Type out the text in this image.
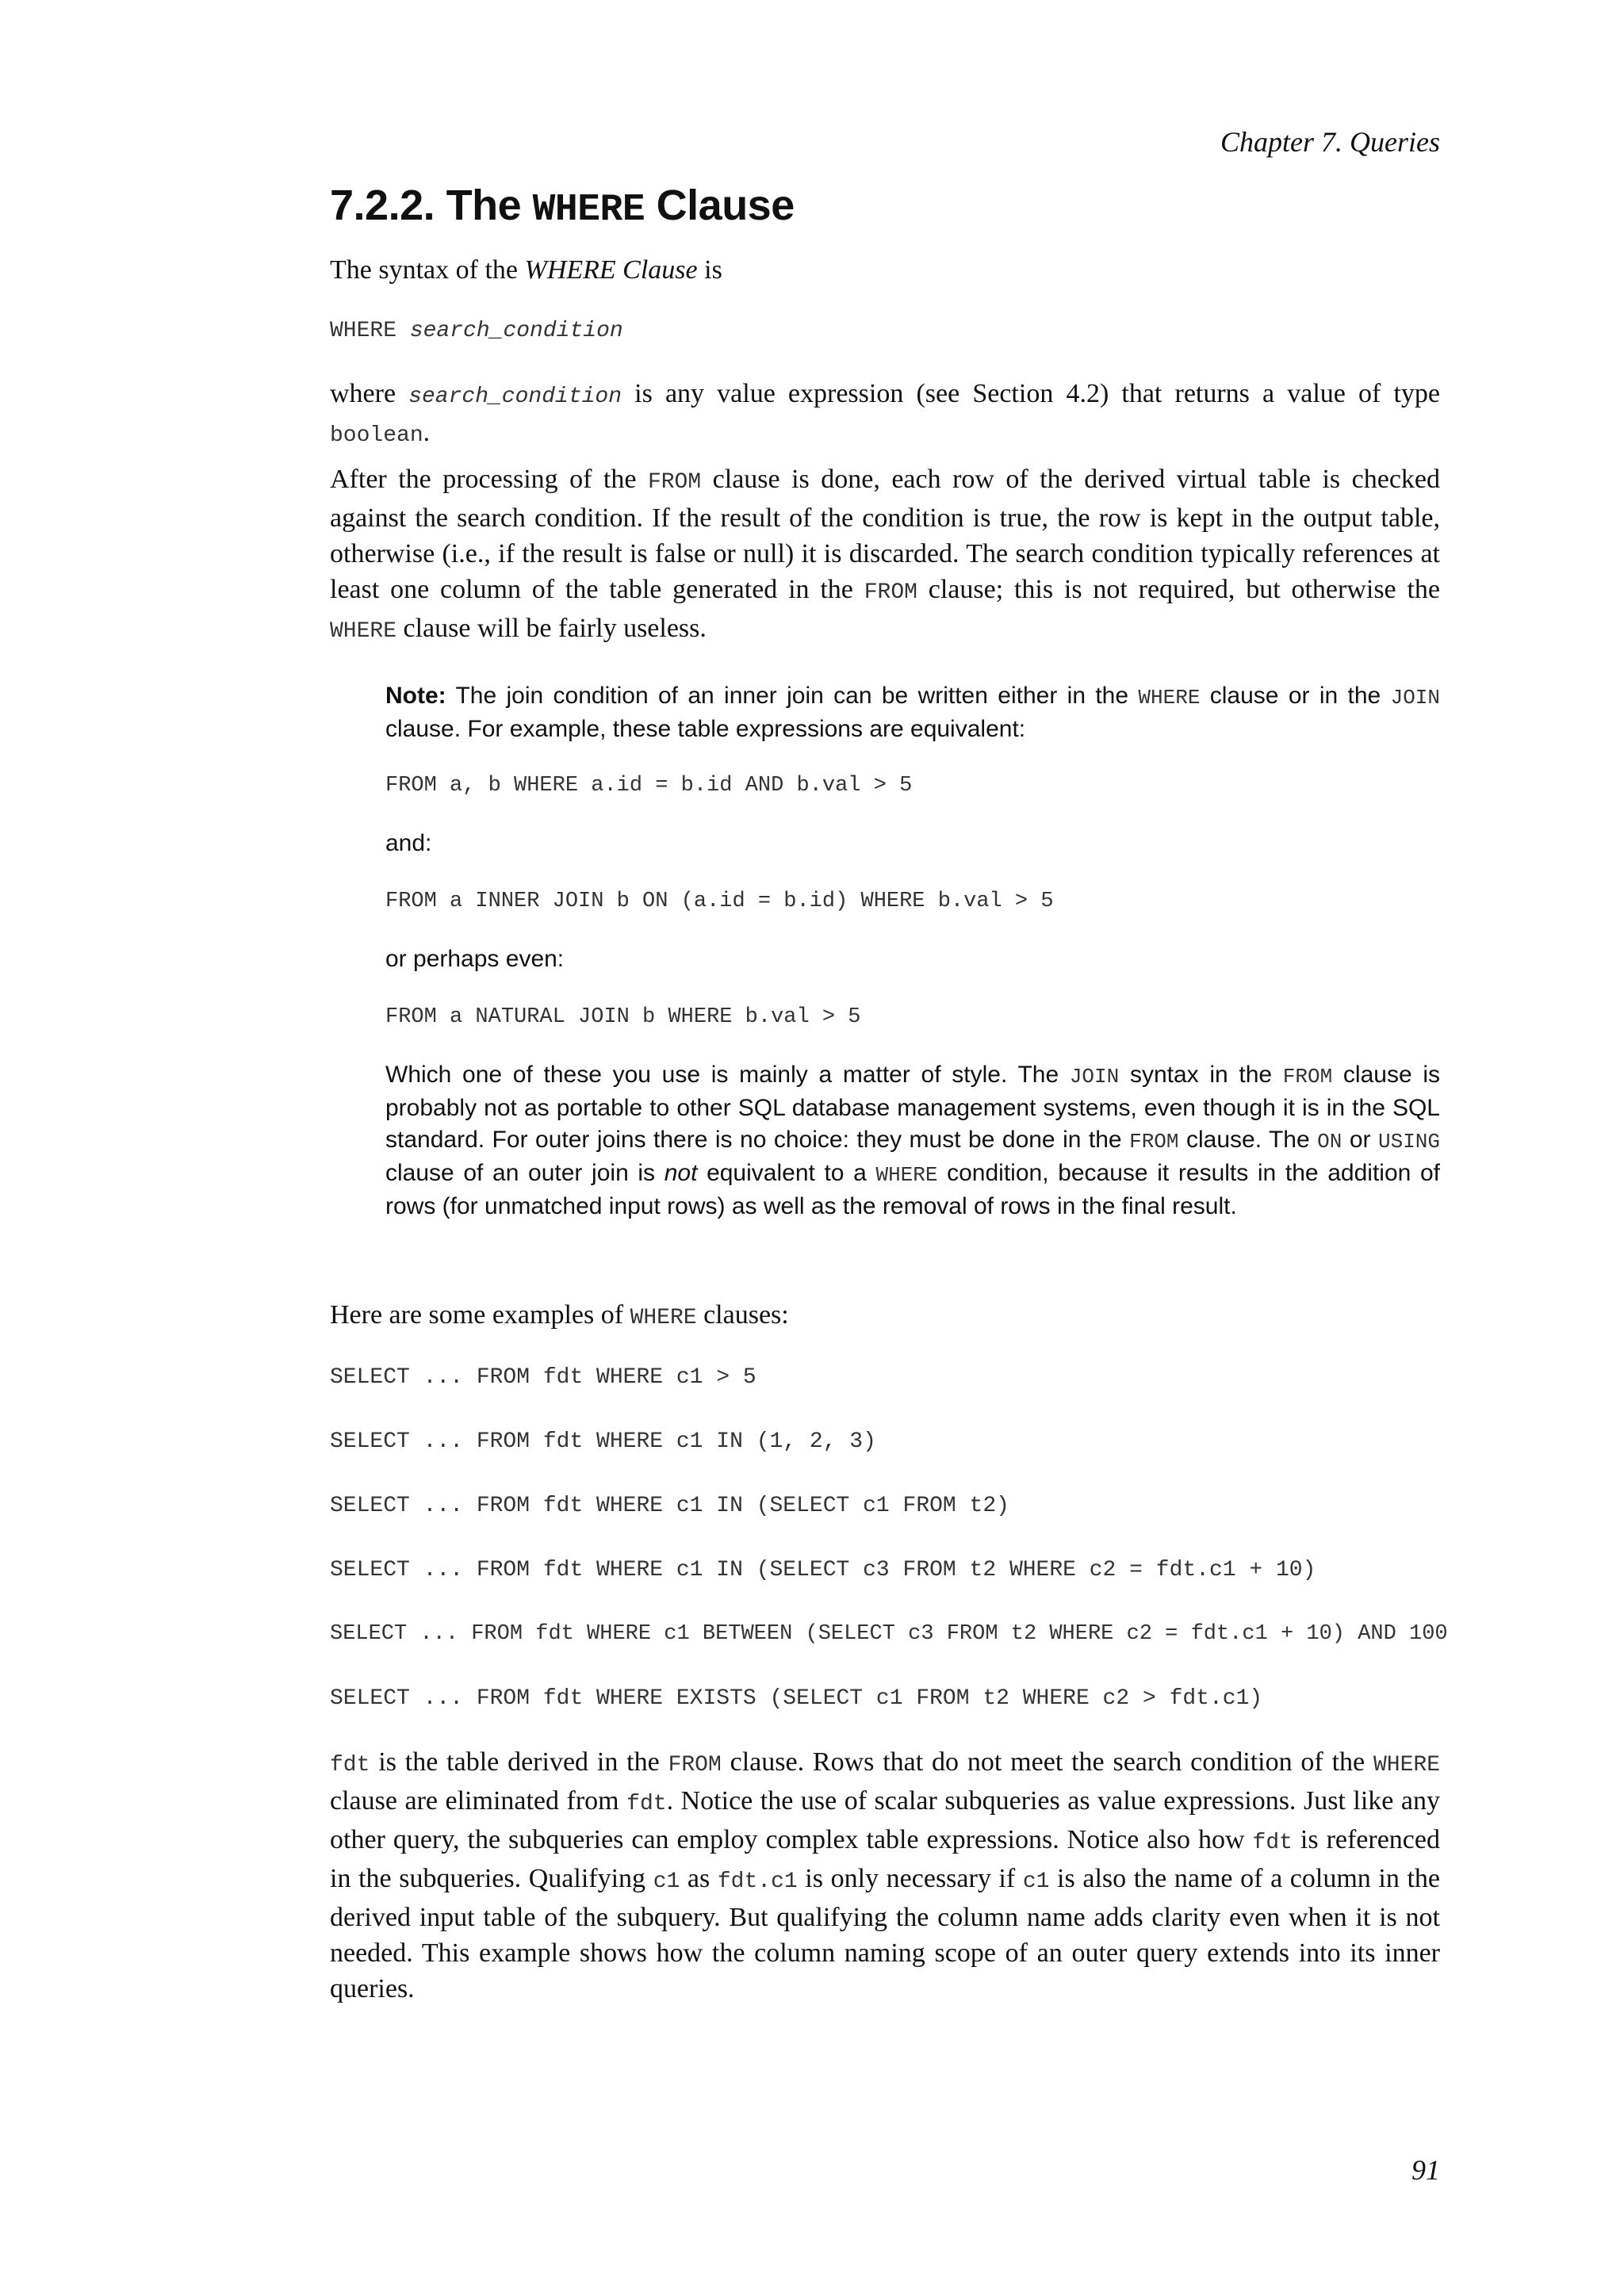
Chapter 7. Queries
7.2.2. The WHERE Clause

The syntax of the WHERE Clause is

WHERE search_condition

where search_condition is any value expression (see Section 4.2) that returns a value of type boolean.

After the processing of the FROM clause is done, each row of the derived virtual table is checked against the search condition. If the result of the condition is true, the row is kept in the output table, otherwise (i.e., if the result is false or null) it is discarded. The search condition typically references at least one column of the table generated in the FROM clause; this is not required, but otherwise the WHERE clause will be fairly useless.

Note: The join condition of an inner join can be written either in the WHERE clause or in the JOIN clause. For example, these table expressions are equivalent:

FROM a, b WHERE a.id = b.id AND b.val > 5

and:

FROM a INNER JOIN b ON (a.id = b.id) WHERE b.val > 5

or perhaps even:

FROM a NATURAL JOIN b WHERE b.val > 5

Which one of these you use is mainly a matter of style. The JOIN syntax in the FROM clause is probably not as portable to other SQL database management systems, even though it is in the SQL standard. For outer joins there is no choice: they must be done in the FROM clause. The ON or USING clause of an outer join is not equivalent to a WHERE condition, because it results in the addition of rows (for unmatched input rows) as well as the removal of rows in the final result.

Here are some examples of WHERE clauses:

SELECT ... FROM fdt WHERE c1 > 5
SELECT ... FROM fdt WHERE c1 IN (1, 2, 3)
SELECT ... FROM fdt WHERE c1 IN (SELECT c1 FROM t2)
SELECT ... FROM fdt WHERE c1 IN (SELECT c3 FROM t2 WHERE c2 = fdt.c1 + 10)
SELECT ... FROM fdt WHERE c1 BETWEEN (SELECT c3 FROM t2 WHERE c2 = fdt.c1 + 10) AND 100
SELECT ... FROM fdt WHERE EXISTS (SELECT c1 FROM t2 WHERE c2 > fdt.c1)

fdt is the table derived in the FROM clause. Rows that do not meet the search condition of the WHERE clause are eliminated from fdt. Notice the use of scalar subqueries as value expressions. Just like any other query, the subqueries can employ complex table expressions. Notice also how fdt is referenced in the subqueries. Qualifying c1 as fdt.c1 is only necessary if c1 is also the name of a column in the derived input table of the subquery. But qualifying the column name adds clarity even when it is not needed. This example shows how the column naming scope of an outer query extends into its inner queries.

91
